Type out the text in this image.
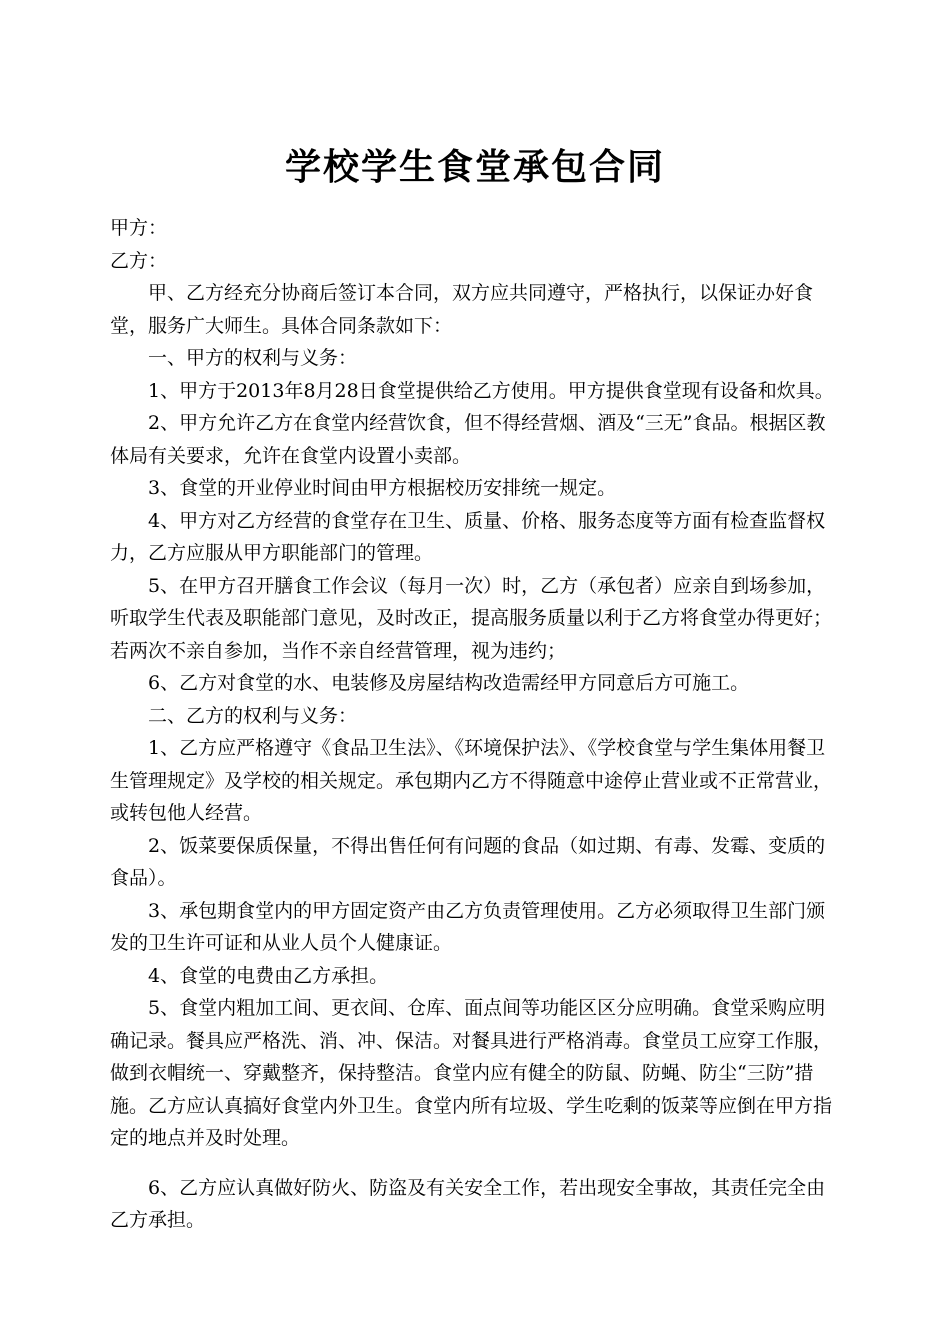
学校学生食堂承包合同

甲方：

乙方：

甲、乙方经充分协商后签订本合同，双方应共同遵守，严格执行，以保证办好食堂，服务广大师生。具体合同条款如下：

一、甲方的权利与义务：

1、甲方于2013年8月28日食堂提供给乙方使用。甲方提供食堂现有设备和炊具。

2、甲方允许乙方在食堂内经营饮食，但不得经营烟、酒及“三无”食品。根据区教体局有关要求，允许在食堂内设置小卖部。

3、食堂的开业停业时间由甲方根据校历安排统一规定。

4、甲方对乙方经营的食堂存在卫生、质量、价格、服务态度等方面有检查监督权力，乙方应服从甲方职能部门的管理。

5、在甲方召开膳食工作会议（每月一次）时，乙方（承包者）应亲自到场参加，听取学生代表及职能部门意见，及时改正，提高服务质量以利于乙方将食堂办得更好；若两次不亲自参加，当作不亲自经营管理，视为违约；

6、乙方对食堂的水、电装修及房屋结构改造需经甲方同意后方可施工。

二、乙方的权利与义务：

1、乙方应严格遵守《食品卫生法》、《环境保护法》、《学校食堂与学生集体用餐卫生管理规定》及学校的相关规定。承包期内乙方不得随意中途停止营业或不正常营业，或转包他人经营。

2、饭菜要保质保量，不得出售任何有问题的食品（如过期、有毒、发霉、变质的食品）。

3、承包期食堂内的甲方固定资产由乙方负责管理使用。乙方必须取得卫生部门颁发的卫生许可证和从业人员个人健康证。

4、食堂的电费由乙方承担。

5、食堂内粗加工间、更衣间、仓库、面点间等功能区区分应明确。食堂采购应明确记录。餐具应严格洗、消、冲、保洁。对餐具进行严格消毒。食堂员工应穿工作服，做到衣帽统一、穿戴整齐，保持整洁。食堂内应有健全的防鼠、防蝇、防尘“三防”措施。乙方应认真搞好食堂内外卫生。食堂内所有垃圾、学生吃剩的饭菜等应倒在甲方指定的地点并及时处理。

6、乙方应认真做好防火、防盗及有关安全工作，若出现安全事故，其责任完全由乙方承担。
